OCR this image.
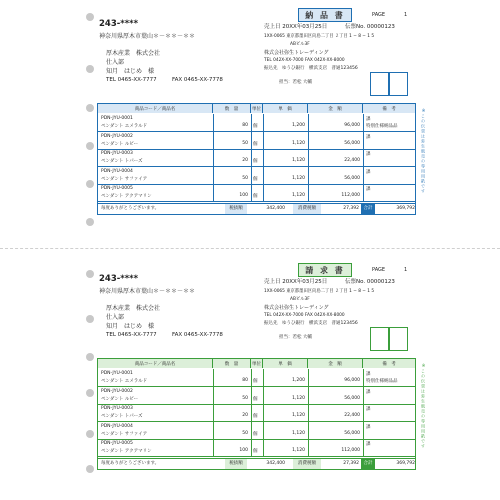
納 品 書	PAGE	1
243-****
神奈川県厚木市葉山＊－＊＊－＊＊
厚木産業　株式会社
仕入部
知月　はじめ　様
TEL 0465-XX-7777	FAX 0465-XX-7778
売上日 20XX年03月25日	伝票No. 00000123
1XX-0065 東京都墨田区向島二丁目 ２丁目 1 − 8 − 1 5
ABビル3F
株式会社弥生トレーディング
TEL 042X-XX-7000 FAX 042X-XX-8000
振込先　ゆうひ銀行　横浜支店　普通123456
担当：若松 大輔
商品コード／商品名	数　量	単位	単　価	金　額	備　考
PDN-JYU-0001
ペンダント エメラルド	80 個	1,200	96,000
課
特別仕様納品品
PDN-JYU-0002
ペンダント ルビー	50 個	1,120	56,000
課
PDN-JYU-0003
ペンダント トパーズ	20 個	1,120	22,400
課
PDN-JYU-0004
ペンダント サファイア	50 個	1,120	56,000
課
PDN-JYU-0005
ペンダント アクアマリン	100 個	1,120	112,000
課
毎度ありがとうございます。	税抜額	342,400	消費税額	27,392	合計	369,792
※この伝票は弥生販売の専用用紙です
請 求 書	PAGE	1
243-****
神奈川県厚木市葉山＊－＊＊－＊＊
厚木産業　株式会社
仕入部
知月　はじめ　様
TEL 0465-XX-7777	FAX 0465-XX-7778
売上日 20XX年03月25日	伝票No. 00000123
1XX-0065 東京都墨田区向島二丁目 ２丁目 1 − 8 − 1 5
ABビル3F
株式会社弥生トレーディング
TEL 042X-XX-7000 FAX 042X-XX-8000
振込先　ゆうひ銀行　横浜支店　普通123456
担当：若松 大輔
商品コード／商品名	数　量	単位	単　価	金　額	備　考
PDN-JYU-0001
ペンダント エメラルド	80 個	1,200	96,000
課
特別仕様納品品
PDN-JYU-0002
ペンダント ルビー	50 個	1,120	56,000
課
PDN-JYU-0003
ペンダント トパーズ	20 個	1,120	22,400
課
PDN-JYU-0004
ペンダント サファイア	50 個	1,120	56,000
課
PDN-JYU-0005
ペンダント アクアマリン	100 個	1,120	112,000
課
毎度ありがとうございます。	税抜額	342,400	消費税額	27,392	合計	369,792
※この伝票は弥生販売の専用用紙です
